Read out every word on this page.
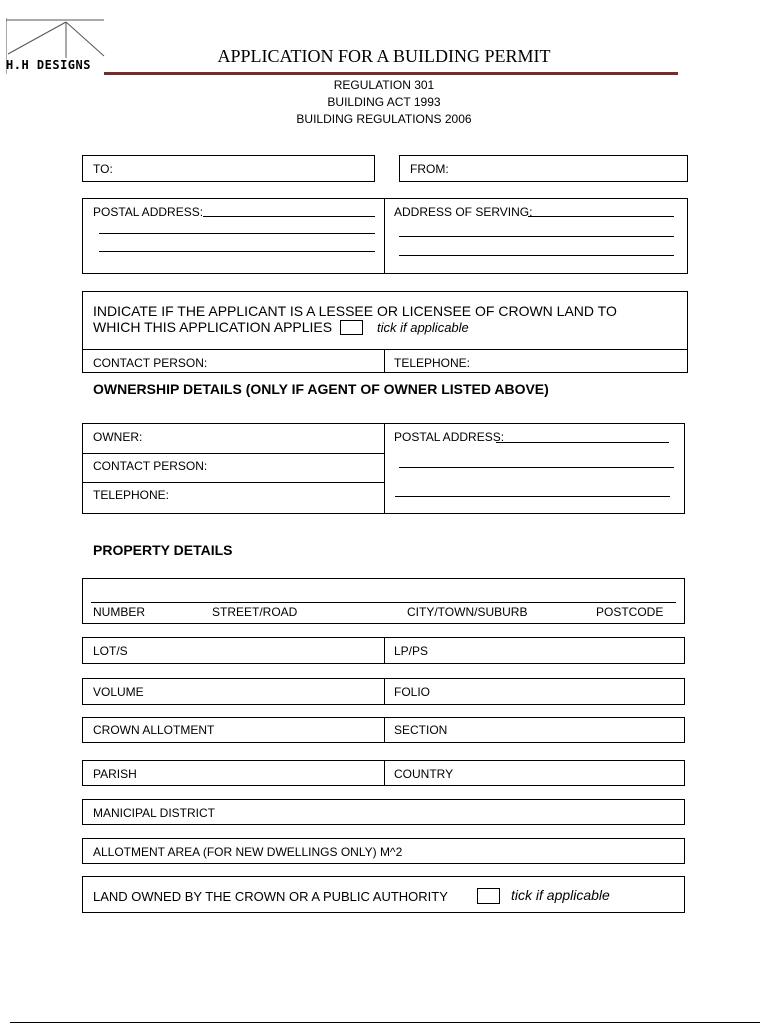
H.H DESIGNS	APPLICATION FOR A BUILDING PERMIT
REGULATION 301
BUILDING ACT 1993
BUILDING REGULATIONS 2006
TO:	FROM:
POSTAL ADDRESS:	ADDRESS OF SERVING:
INDICATE IF THE APPLICANT IS A LESSEE OR LICENSEE OF CROWN LAND TO
WHICH THIS APPLICATION APPLIES	tick if applicable
CONTACT PERSON:	TELEPHONE:
OWNERSHIP DETAILS (ONLY IF AGENT OF OWNER LISTED ABOVE)
OWNER:
CONTACT PERSON:
TELEPHONE:
POSTAL ADDRESS:
PROPERTY DETAILS
NUMBER	STREET/ROAD	CITY/TOWN/SUBURB	POSTCODE
LOT/S	LP/PS
VOLUME	FOLIO
CROWN ALLOTMENT	SECTION
PARISH	COUNTRY
MANICIPAL DISTRICT
ALLOTMENT AREA (FOR NEW DWELLINGS ONLY) M^2
LAND OWNED BY THE CROWN OR A PUBLIC AUTHORITY	tick if applicable
